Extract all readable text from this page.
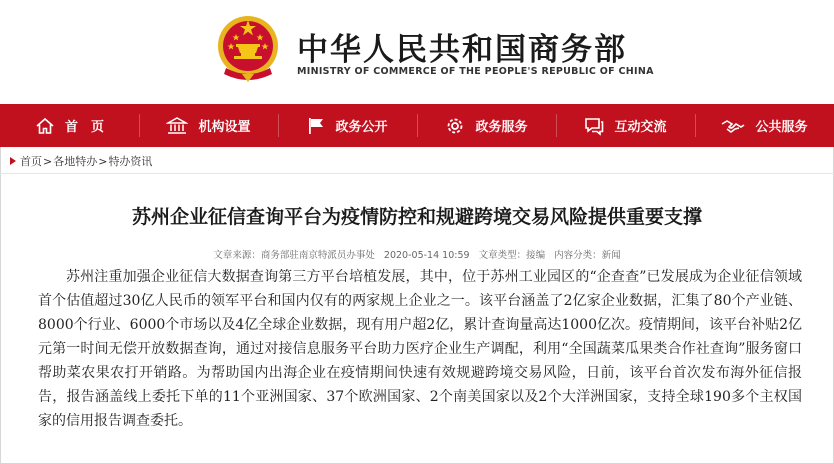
中华人民共和国商务部
MINISTRY OF COMMERCE OF THE PEOPLE'S REPUBLIC OF CHINA
首　页	机构设置	政务公开	政务服务	互动交流	公共服务
首页 > 各地特办 > 特办资讯
苏州企业征信查询平台为疫情防控和规避跨境交易风险提供重要支撑
文章来源：商务部驻南京特派员办事处 2020-05-14 10:59 文章类型：接编 内容分类：新闻
苏州注重加强企业征信大数据查询第三方平台培植发展，其中，位于苏州工业园区的“企查查”已发展成为企业征信领域首个估值超过30亿人民币的领军平台和国内仅有的两家规上企业之一。该平台涵盖了2亿家企业数据，汇集了80个产业链、8000个行业、6000个市场以及4亿全球企业数据，现有用户超2亿，累计查询量高达1000亿次。疫情期间，该平台补贴2亿元第一时间无偿开放数据查询，通过对接信息服务平台助力医疗企业生产调配，利用“全国蔬菜瓜果类合作社查询”服务窗口帮助菜农果农打开销路。为帮助国内出海企业在疫情期间快速有效规避跨境交易风险，日前，该平台首次发布海外征信报告，报告涵盖线上委托下单的11个亚洲国家、37个欧洲国家、2个南美国家以及2个大洋洲国家，支持全球190多个主权国家的信用报告调查委托。
